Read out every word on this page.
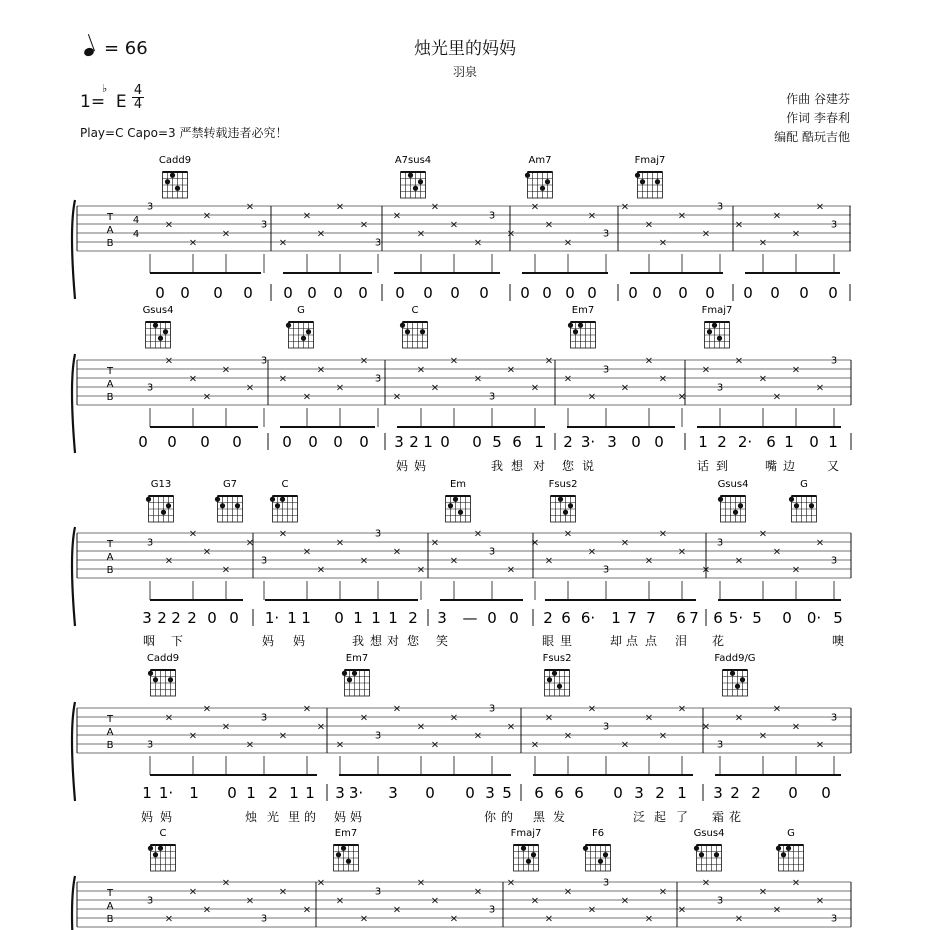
烛光里的妈妈
羽泉
= 66
1= E
♭ 4
4
Play=C Capo=3 严禁转载违者必究！
作曲 谷建芬
作词 李春利
编配 酷玩吉他
T
A
B
4
4
3
×
×
×
×
×
3
×
×
×
×
×
3
×
×
×
×
×
3
×
×
×
×
×
3
×
×
×
×
×
3
×
×
×
×
×
3
0 0 0 0 0 0 0 0 0 0 0 0 0 0 0 0 0 0 0 0 0 0 0 0
Cadd9	A7sus4	Am7	Fmaj7
T
A
B
3
×
×
×
×
×
3
×
×
×
×
×
3
×
×
×
×
×
3
×
×
×
×
×
3
×
×
×
×
×
3
×
×
×
×
×
3
0 0 0 0	0 0 0 0 3 2 1 0 0 5 6 1 2 3· 3 0 0 1 2 2· 6 1 0 1
妈 妈	我 想 对 您 说	话 到	嘴 边	又
Gsus4	G	C	Em7	Fmaj7
T
A
B
3
×
×
×
×
×
3
×
×
×
×
×
3
×
×
×
×
×
3
×
×
×
×
×
3
×
×
×
×
×
3
×
×
×
×
×
3
3 2 2 2 0 0 1· 1 1 0 1 1 1 2 3 — 0 0 2 6 6· 1 7 7 6 7 6 5· 5 0 0· 5
咽 下	妈 妈	我 想 对 您 笑	眼 里	却 点 点 泪 花	噢
G13	G7	C	Em	Fsus2	Gsus4	G
T
A
B	3
×
×
×
×
×
3
×
×
×
×
×
3
×
×
×
×
×
3
×
×
×
×
×
3
×
×
×
×
×
3
×
×
×
×
×
3
1 1· 1 0 1 2 1 1 3 3· 3 0 0 3 5 6 6 6 0 3 2 1 3 2 2 0 0
妈 妈	烛 光 里 的 妈 妈	你 的 黑 发	泛 起 了 霜 花
Cadd9	Em7	Fsus2	Fadd9/G
T
A
B
3
×
×
×
×
×
3
×
×
×
×
×
3
×
×
×
×
×
3
×
×
×
×
×
3
×
×
×
×
×
3
×
×
×
×
×
3
C	Em7	Fmaj7	F6	Gsus4	G
